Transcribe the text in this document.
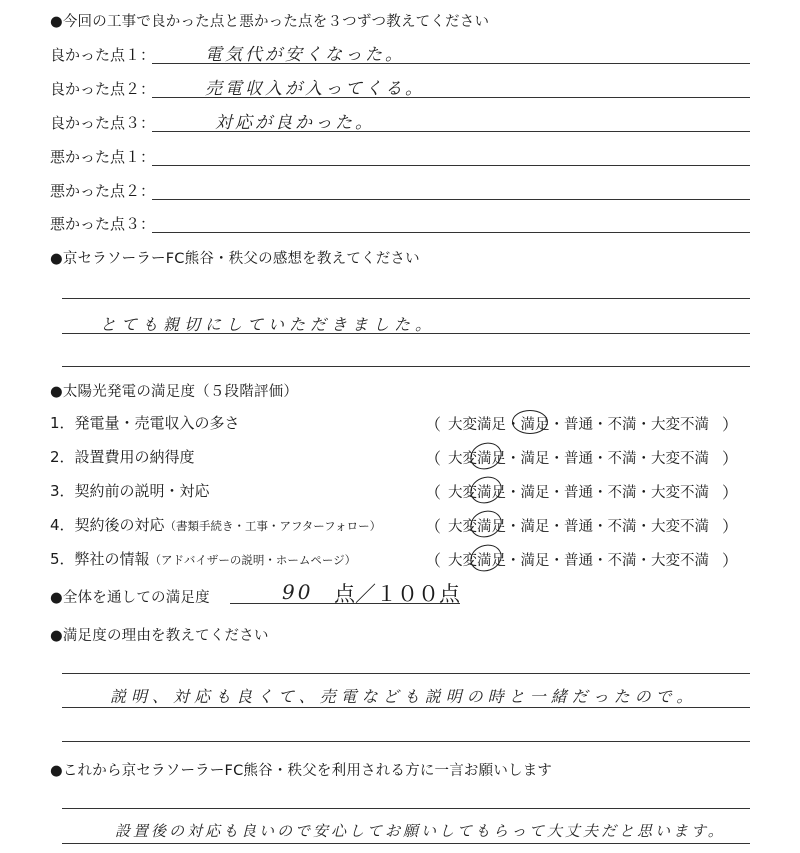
●今回の工事で良かった点と悪かった点を３つずつ教えてください
良かった点１：	電気代が安くなった。
良かった点２：	売電収入が入ってくる。
良かった点３：	対応が良かった。
悪かった点１：
悪かった点２：
悪かった点３：
●京セラソーラーFC熊谷・秩父の感想を教えてください
とても親切にしていただきました。
●太陽光発電の満足度（５段階評価）
1．発電量・売電収入の多さ	（ 大変満足・満足・普通・不満・大変不満 ）
2．設置費用の納得度	（ 大変満足・満足・普通・不満・大変不満 ）
3．契約前の説明・対応	（ 大変満足・満足・普通・不満・大変不満 ）
4．契約後の対応（書類手続き・工事・アフターフォロー）	（ 大変満足・満足・普通・不満・大変不満 ）
5．弊社の情報（アドバイザーの説明・ホームページ）	（ 大変満足・満足・普通・不満・大変不満 ）
●全体を通しての満足度	90 点／１００点
●満足度の理由を教えてください
説明、対応も良くて、売電なども説明の時と一緒だったので。
●これから京セラソーラーFC熊谷・秩父を利用される方に一言お願いします
設置後の対応も良いので安心してお願いしてもらって大丈夫だと思います。
